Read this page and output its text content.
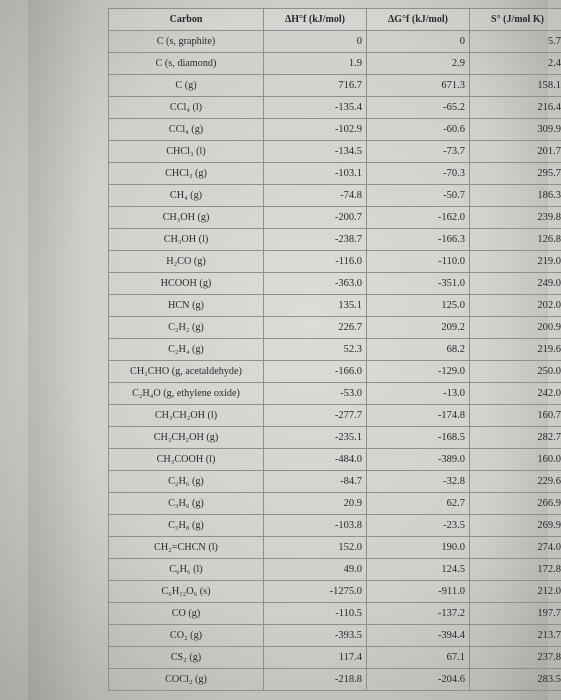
Carbon	ΔH°f (kJ/mol)	ΔG°f (kJ/mol)	S° (J/mol K)
C (s, graphite)	0	0	5.7
C (s, diamond)	1.9	2.9	2.4
C (g)	716.7	671.3	158.1
CCl₄ (l)	-135.4	-65.2	216.4
CCl₄ (g)	-102.9	-60.6	309.9
CHCl₃ (l)	-134.5	-73.7	201.7
CHCl₃ (g)	-103.1	-70.3	295.7
CH₄ (g)	-74.8	-50.7	186.3
CH₃OH (g)	-200.7	-162.0	239.8
CH₃OH (l)	-238.7	-166.3	126.8
H₂CO (g)	-116.0	-110.0	219.0
HCOOH (g)	-363.0	-351.0	249.0
HCN (g)	135.1	125.0	202.0
C₂H₂ (g)	226.7	209.2	200.9
C₂H₄ (g)	52.3	68.2	219.6
CH₃CHO (g, acetaldehyde)	-166.0	-129.0	250.0
C₂H₄O (g, ethylene oxide)	-53.0	-13.0	242.0
CH₃CH₂OH (l)	-277.7	-174.8	160.7
CH₃CH₂OH (g)	-235.1	-168.5	282.7
CH₃COOH (l)	-484.0	-389.0	160.0
C₂H₆ (g)	-84.7	-32.8	229.6
C₃H₆ (g)	20.9	62.7	266.9
C₃H₈ (g)	-103.8	-23.5	269.9
CH₂=CHCN (l)	152.0	190.0	274.0
C₆H₆ (l)	49.0	124.5	172.8
C₆H₁₂O₆ (s)	-1275.0	-911.0	212.0
CO (g)	-110.5	-137.2	197.7
CO₂ (g)	-393.5	-394.4	213.7
CS₂ (g)	117.4	67.1	237.8
COCl₂ (g)	-218.8	-204.6	283.5
